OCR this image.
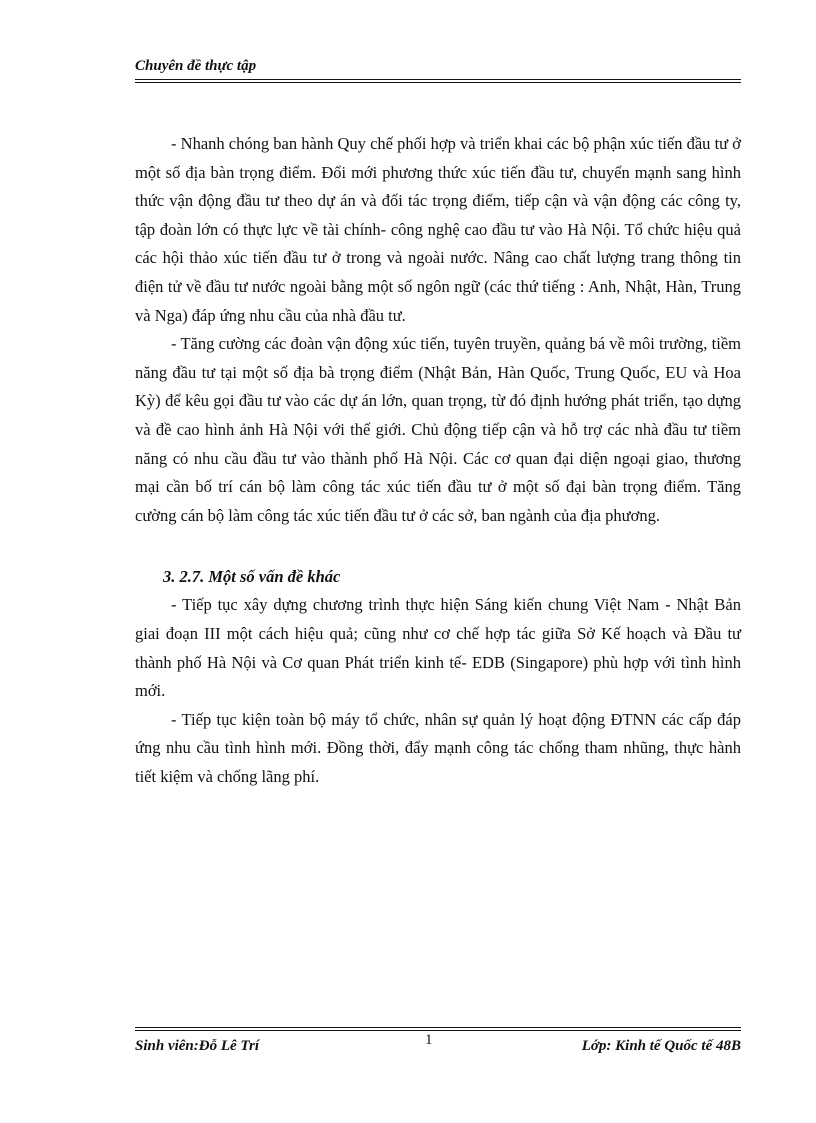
Chuyên đề thực tập

- Nhanh chóng ban hành Quy chế phối hợp và triển khai các bộ phận xúc tiến đầu tư ở một số địa bàn trọng điểm. Đổi mới phương thức xúc tiến đầu tư, chuyển mạnh sang hình thức vận động đầu tư theo dự án và đối tác trọng điểm, tiếp cận và vận động các công ty, tập đoàn lớn có thực lực về tài chính- công nghệ cao đầu tư vào Hà Nội. Tổ chức hiệu quả các hội thảo xúc tiến đầu tư ở trong và ngoài nước. Nâng cao chất lượng trang thông tin điện tử về đầu tư nước ngoài bằng một số ngôn ngữ (các thứ tiếng : Anh, Nhật, Hàn, Trung và Nga) đáp ứng nhu cầu của nhà đầu tư.

- Tăng cường các đoàn vận động xúc tiến, tuyên truyền, quảng bá về môi trường, tiềm năng đầu tư tại một số địa bà trọng điểm (Nhật Bản, Hàn Quốc, Trung Quốc, EU và Hoa Kỳ) để kêu gọi đầu tư vào các dự án lớn, quan trọng, từ đó định hướng phát triển, tạo dựng và đề cao hình ảnh Hà Nội với thế giới. Chủ động tiếp cận và hỗ trợ các nhà đầu tư tiềm năng có nhu cầu đầu tư vào thành phố Hà Nội. Các cơ quan đại diện ngoại giao, thương mại cần bố trí cán bộ làm công tác xúc tiến đầu tư ở một số đại bàn trọng điểm. Tăng cường cán bộ làm công tác xúc tiến đầu tư ở các sở, ban ngành của địa phương.

3. 2.7. Một số vấn đề khác

- Tiếp tục xây dựng chương trình thực hiện Sáng kiến chung Việt Nam - Nhật Bản giai đoạn III một cách hiệu quả; cũng như cơ chế hợp tác giữa Sở Kế hoạch và Đầu tư thành phố Hà Nội và Cơ quan Phát triển kinh tế- EDB (Singapore) phù hợp với tình hình mới.

- Tiếp tục kiện toàn bộ máy tổ chức, nhân sự quản lý hoạt động ĐTNN các cấp đáp ứng nhu cầu tình hình mới. Đồng thời, đẩy mạnh công tác chống tham nhũng, thực hành tiết kiệm và chống lãng phí.

Sinh viên:Đỗ Lê Trí	1	Lớp: Kinh tế Quốc tế 48B
